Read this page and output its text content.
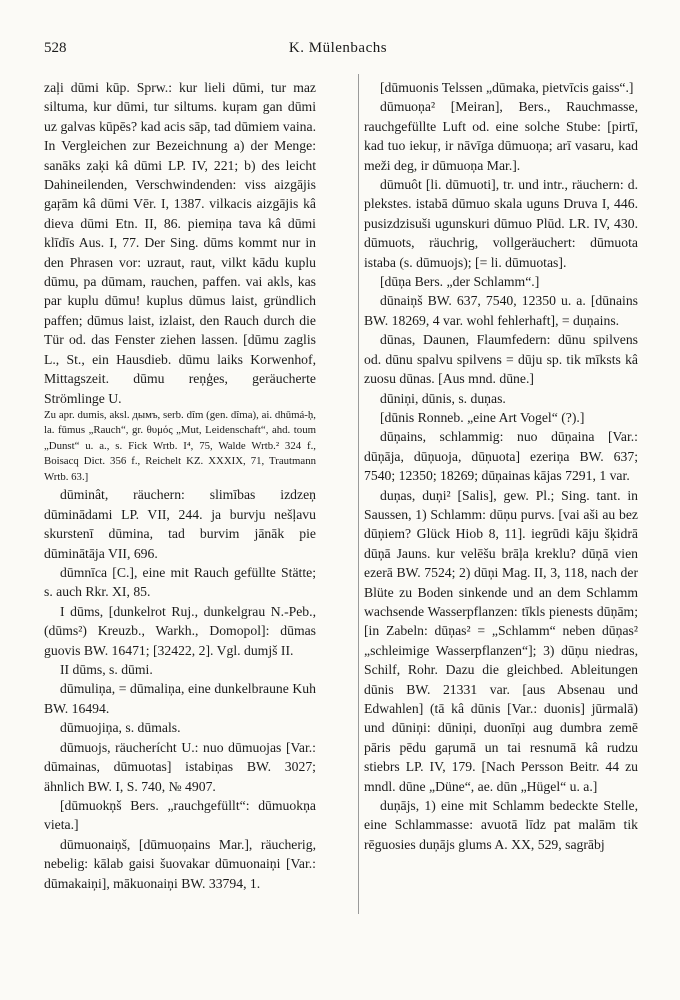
528	K. Mülenbachs

zaļi dūmi kūp. Sprw.: kur lieli dūmi, tur maz siltuma, kur dūmi, tur siltums. kuŗam gan dūmi uz galvas kūpēs? kad acis sāp, tad dūmiem vaina. In Vergleichen zur Bezeichnung a) der Menge: sanāks zaķi kâ dūmi LP. IV, 221; b) des leicht Dahineilenden, Verschwindenden: viss aizgājis gaŗām kâ dūmi Vēr. I, 1387. vilkacis aizgājis kâ dieva dūmi Etn. II, 86. piemiņa tava kâ dūmi klīdīs Aus. I, 77. Der Sing. dūms kommt nur in den Phrasen vor: uzraut, raut, vilkt kādu kuplu dūmu, pa dūmam, rauchen, paffen. vai akls, kas par kuplu dūmu! kuplus dūmus laist, gründlich paffen; dūmus laist, izlaist, den Rauch durch die Tür od. das Fenster ziehen lassen. [dūmu zaglis L., St., ein Hausdieb. dūmu laiks Korwenhof, Mittagszeit. dūmu reņģes, geräucherte Strömlinge U.

Zu apr. dumis, aksl. дымъ, serb. dîm (gen. dîma), ai. dhūmá-ḥ, la. fūmus „Rauch“, gr. θυμός „Mut, Leidenschaft“, ahd. toum „Dunst“ u. a., s. Fick Wrtb. I⁴, 75, Walde Wrtb.² 324 f., Boisacq Dict. 356 f., Reichelt KZ. XXXIX, 71, Trautmann Wrtb. 63.]

dūminât, räuchern: slimības izdzeņ dūminādami LP. VII, 244. ja burvju nešļavu skurstenī dūmina, tad burvim jānāk pie dūminātāja VII, 696.

dūmnīca [C.], eine mit Rauch gefüllte Stätte; s. auch Rkr. XI, 85.

I dūms, [dunkelrot Ruj., dunkelgrau N.-Peb., (dūms²) Kreuzb., Warkh., Domopol]: dūmas guovis BW. 16471; [32422, 2]. Vgl. dumjš II.

II dūms, s. dūmi.

dūmuliņa, = dūmaliņa, eine dunkelbraune Kuh BW. 16494.

dūmuojiņa, s. dūmals.

dūmuojs, räucherícht U.: nuo dūmuojas [Var.: dūmainas, dūmuotas] istabiņas BW. 3027; ähnlich BW. I, S. 740, № 4907.

[dūmuokņš Bers. „rauchgefüllt“: dūmuokņa vieta.]

dūmuonaiņš, [dūmuoņains Mar.], räucherig, nebelig: kālab gaisi šuovakar dūmuonaiņi [Var.: dūmakaiņi], mākuonaiņi BW. 33794, 1.

[dūmuonis Telssen „dūmaka, pietvīcis gaiss“.]

dūmuoņa² [Meiran], Bers., Rauchmasse, rauchgefüllte Luft od. eine solche Stube: [pirtī, kad tuo iekuŗ, ir nāvīga dūmuoņa; arī vasaru, kad meži deg, ir dūmuoņa Mar.].

dūmuôt [li. dūmuoti], tr. und intr., räuchern: d. plekstes. istabā dūmuo skala uguns Druva I, 446. pusizdzisuši ugunskuri dūmuo Plūd. LR. IV, 430. dūmuots, räuchrig, vollgeräuchert: dūmuota istaba (s. dūmuojs); [= li. dūmuotas].

[dūņa Bers. „der Schlamm“.]

dūnaiņš BW. 637, 7540, 12350 u. a. [dūnains BW. 18269, 4 var. wohl fehlerhaft], = duņains.

dūnas, Daunen, Flaumfedern: dūnu spilvens od. dūnu spalvu spilvens = dūju sp. tik mīksts kâ zuosu dūnas. [Aus mnd. dūne.]

dūniņi, dūnis, s. duņas.

[dūnis Ronneb. „eine Art Vogel“ (?).]

dūņains, schlammig: nuo dūņaina [Var.: dūņāja, dūņuoja, dūņuota] ezeriņa BW. 637; 7540; 12350; 18269; dūņainas kājas 7291, 1 var.

duņas, duņi² [Salis], gew. Pl.; Sing. tant. in Saussen, 1) Schlamm: dūņu purvs. [vai aši au bez dūņiem? Glück Hiob 8, 11]. iegrūdi kāju šķidrā dūņā Jauns. kur velēšu brāļa kreklu? dūņā vien ezerā BW. 7524; 2) dūņi Mag. II, 3, 118, nach der Blüte zu Boden sinkende und an dem Schlamm wachsende Wasserpflanzen: tīkls pienests dūņām; [in Zabeln: dūņas² = „Schlamm“ neben dūņas² „schleimige Wasserpflanzen“]; 3) dūņu niedras, Schilf, Rohr. Dazu die gleichbed. Ableitungen dūnis BW. 21331 var. [aus Absenau und Edwahlen] (tā kâ dūnis [Var.: duonis] jūrmalā) und dūniņi: dūniņi, duonīņi aug dumbra zemē pāris pēdu gaŗumā un tai resnumā kâ rudzu stiebrs LP. IV, 179. [Nach Persson Beitr. 44 zu mndl. dūne „Düne“, ae. dūn „Hügel“ u. a.]

duņājs, 1) eine mit Schlamm bedeckte Stelle, eine Schlammasse: avuotā līdz pat malām tik rēguosies duņājs glums A. XX, 529, sagrābj
